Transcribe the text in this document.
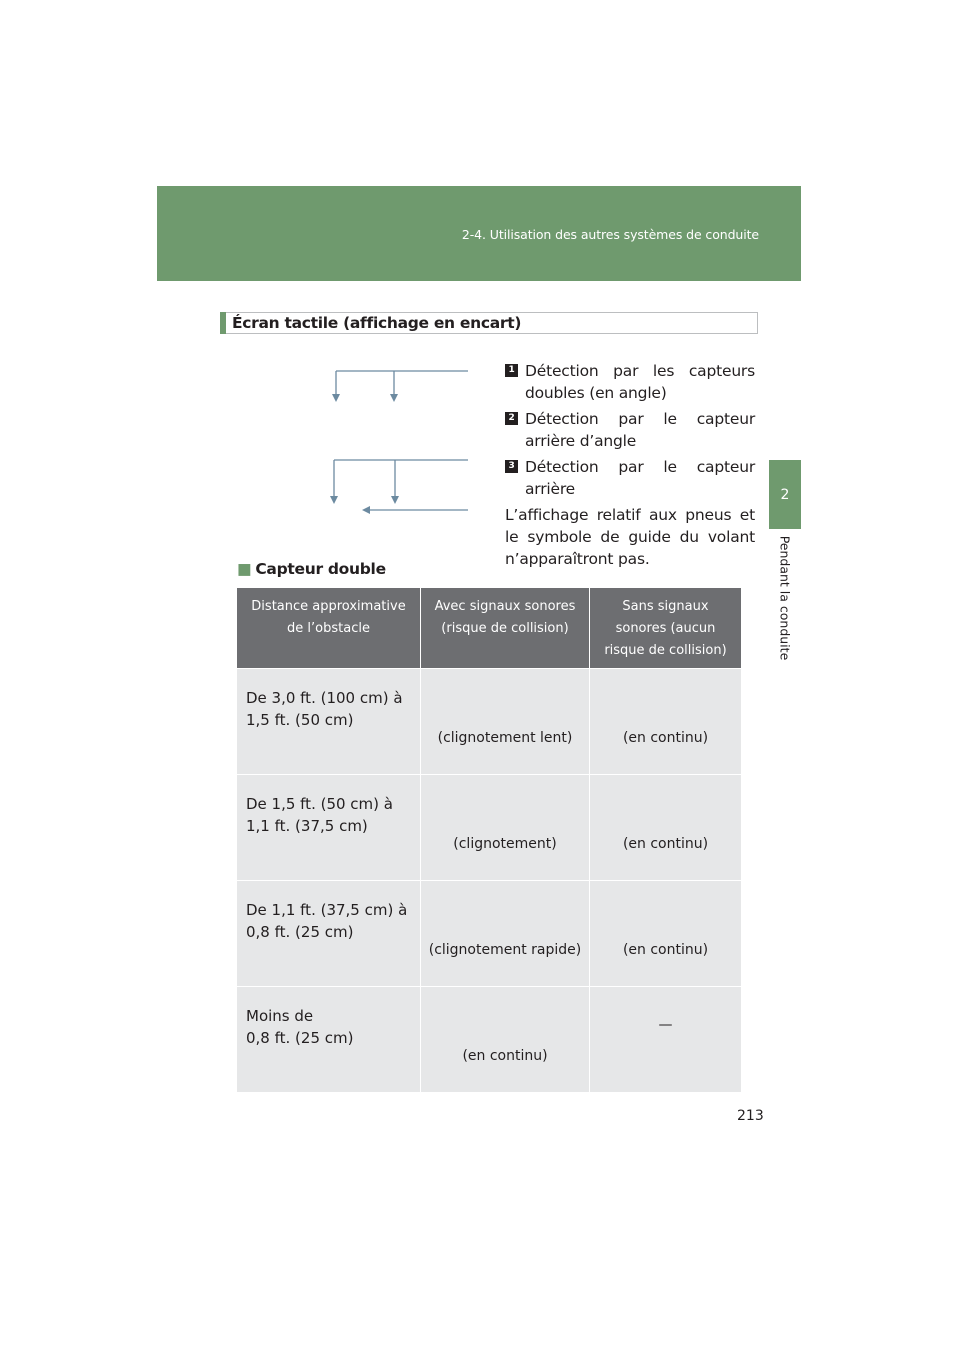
2-4. Utilisation des autres systèmes de conduite
2
Pendant la conduite
Écran tactile (affichage en encart)
1 Détection par les capteurs doubles (en angle)
2 Détection par le capteur arrière d’angle
3 Détection par le capteur arrière
L’affichage relatif aux pneus et le symbole de guide du volant n’apparaîtront pas.
■ Capteur double
Distance approximative de l’obstacle	Avec signaux sonores (risque de collision)	Sans signaux sonores (aucun risque de collision)

De 3,0 ft. (100 cm) à
1,5 ft. (50 cm)	(clignotement lent)	(en continu)

De 1,5 ft. (50 cm) à
1,1 ft. (37,5 cm)	(clignotement)	(en continu)

De 1,1 ft. (37,5 cm) à
0,8 ft. (25 cm)	(clignotement rapide)	(en continu)

Moins de
0,8 ft. (25 cm)	(en continu)	—
213
